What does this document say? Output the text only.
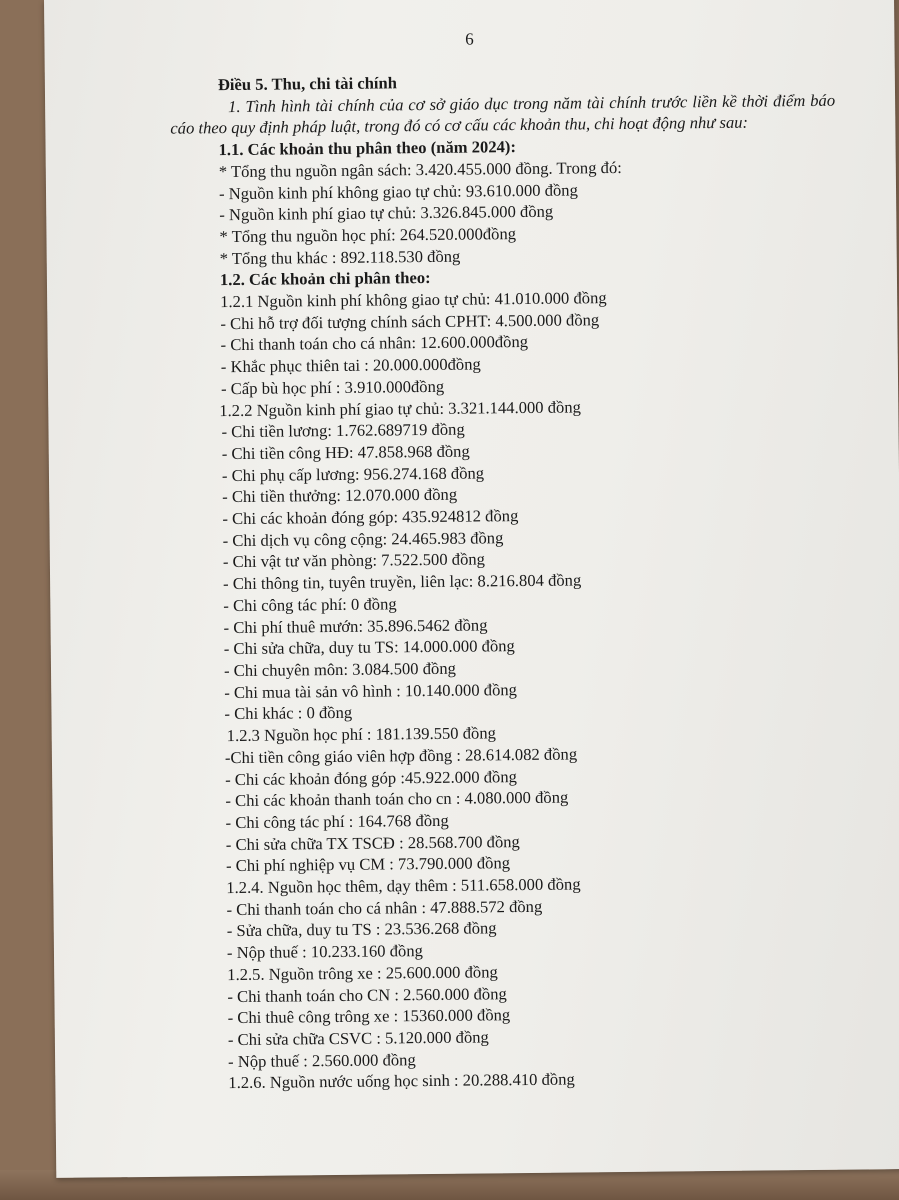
6
Điều 5. Thu, chi tài chính
1. Tình hình tài chính của cơ sở giáo dục trong năm tài chính trước liền kề thời điểm báo cáo theo quy định pháp luật, trong đó có cơ cấu các khoản thu, chi hoạt động như sau:
1.1. Các khoản thu phân theo (năm 2024):
* Tổng thu nguồn ngân sách: 3.420.455.000 đồng. Trong đó:
- Nguồn kinh phí không giao tự chủ: 93.610.000 đồng
- Nguồn kinh phí giao tự chủ: 3.326.845.000 đồng
* Tổng thu nguồn học phí: 264.520.000đồng
* Tổng thu khác : 892.118.530 đồng
1.2. Các khoản chi phân theo:
1.2.1 Nguồn kinh phí không giao tự chủ: 41.010.000 đồng
- Chi hỗ trợ đối tượng chính sách CPHT: 4.500.000 đồng
- Chi thanh toán cho cá nhân: 12.600.000đồng
- Khắc phục thiên tai : 20.000.000đồng
- Cấp bù học phí : 3.910.000đồng
1.2.2 Nguồn kinh phí giao tự chủ: 3.321.144.000 đồng
- Chi tiền lương: 1.762.689719 đồng
- Chi tiền công HĐ: 47.858.968 đồng
- Chi phụ cấp lương: 956.274.168 đồng
- Chi tiền thưởng: 12.070.000 đồng
- Chi các khoản đóng góp: 435.924812 đồng
- Chi dịch vụ công cộng: 24.465.983 đồng
- Chi vật tư văn phòng: 7.522.500 đồng
- Chi thông tin, tuyên truyền, liên lạc: 8.216.804 đồng
- Chi công tác phí: 0 đồng
- Chi phí thuê mướn: 35.896.5462 đồng
- Chi sửa chữa, duy tu TS: 14.000.000 đồng
- Chi chuyên môn: 3.084.500 đồng
- Chi mua tài sản vô hình : 10.140.000 đồng
- Chi khác : 0 đồng
1.2.3 Nguồn học phí : 181.139.550 đồng
-Chi tiền công giáo viên hợp đồng : 28.614.082 đồng
- Chi các khoản đóng góp :45.922.000 đồng
- Chi các khoản thanh toán cho cn : 4.080.000 đồng
- Chi công tác phí : 164.768 đồng
- Chi sửa chữa TX TSCĐ : 28.568.700 đồng
- Chi phí nghiệp vụ CM : 73.790.000 đồng
1.2.4. Nguồn học thêm, dạy thêm : 511.658.000 đồng
- Chi thanh toán cho cá nhân : 47.888.572 đồng
- Sửa chữa, duy tu TS : 23.536.268 đồng
- Nộp thuế : 10.233.160 đồng
1.2.5. Nguồn trông xe : 25.600.000 đồng
- Chi thanh toán cho CN : 2.560.000 đồng
- Chi thuê công trông xe : 15360.000 đồng
- Chi sửa chữa CSVC : 5.120.000 đồng
- Nộp thuế : 2.560.000 đồng
1.2.6. Nguồn nước uống học sinh : 20.288.410 đồng
